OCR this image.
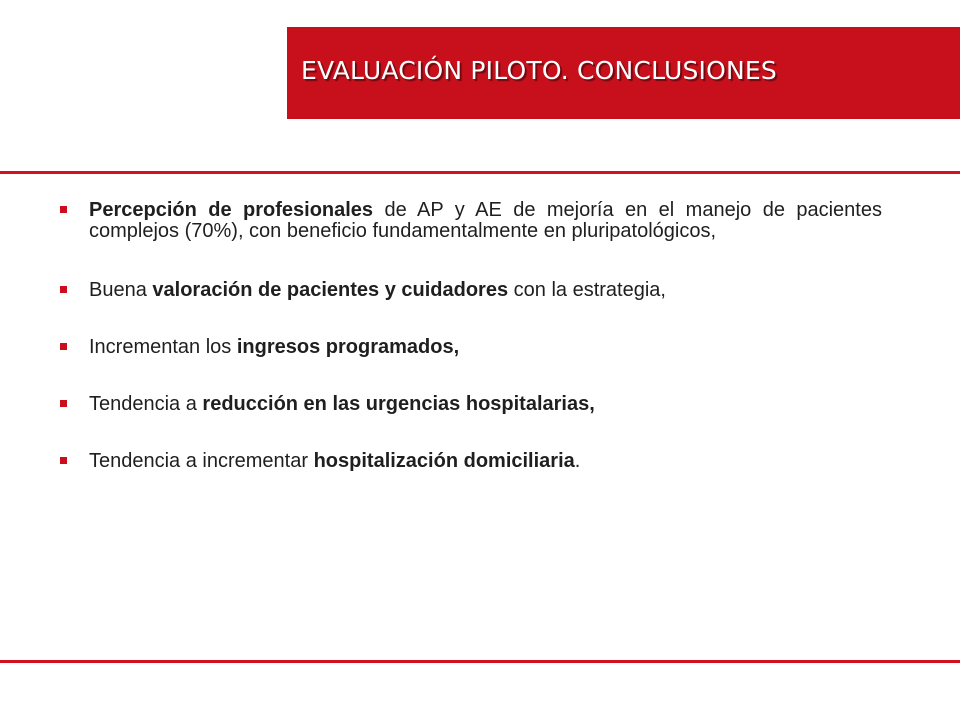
EVALUACIÓN PILOTO. CONCLUSIONES
Percepción de profesionales de AP y AE de mejoría en el manejo de pacientes complejos (70%), con beneficio fundamentalmente en pluripatológicos,
Buena valoración de pacientes y cuidadores con la estrategia,
Incrementan los ingresos programados,
Tendencia a reducción en las urgencias hospitalarias,
Tendencia a incrementar hospitalización domiciliaria.
